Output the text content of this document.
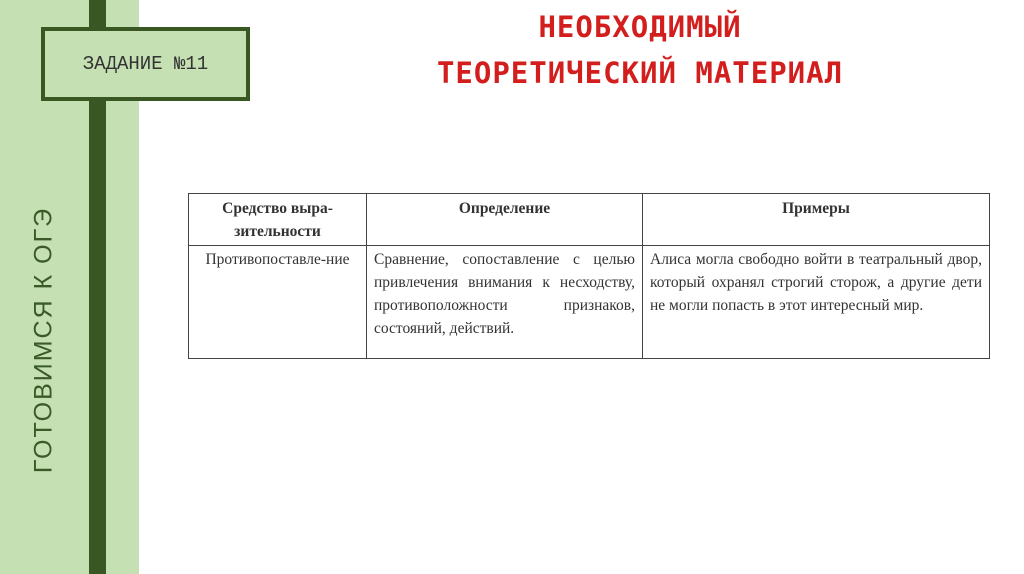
ГОТОВИМСЯ К ОГЭ
ЗАДАНИЕ №11
НЕОБХОДИМЫЙ
ТЕОРЕТИЧЕСКИЙ МАТЕРИАЛ
Средство выра-зительности	Определение	Примеры
Противопоставле-ние	Сравнение, сопоставление с целью привлечения внимания к несходству, противоположности признаков, состояний, действий.	Алиса могла свободно войти в театральный двор, который охранял строгий сторож, а другие дети не могли попасть в этот интересный мир.
